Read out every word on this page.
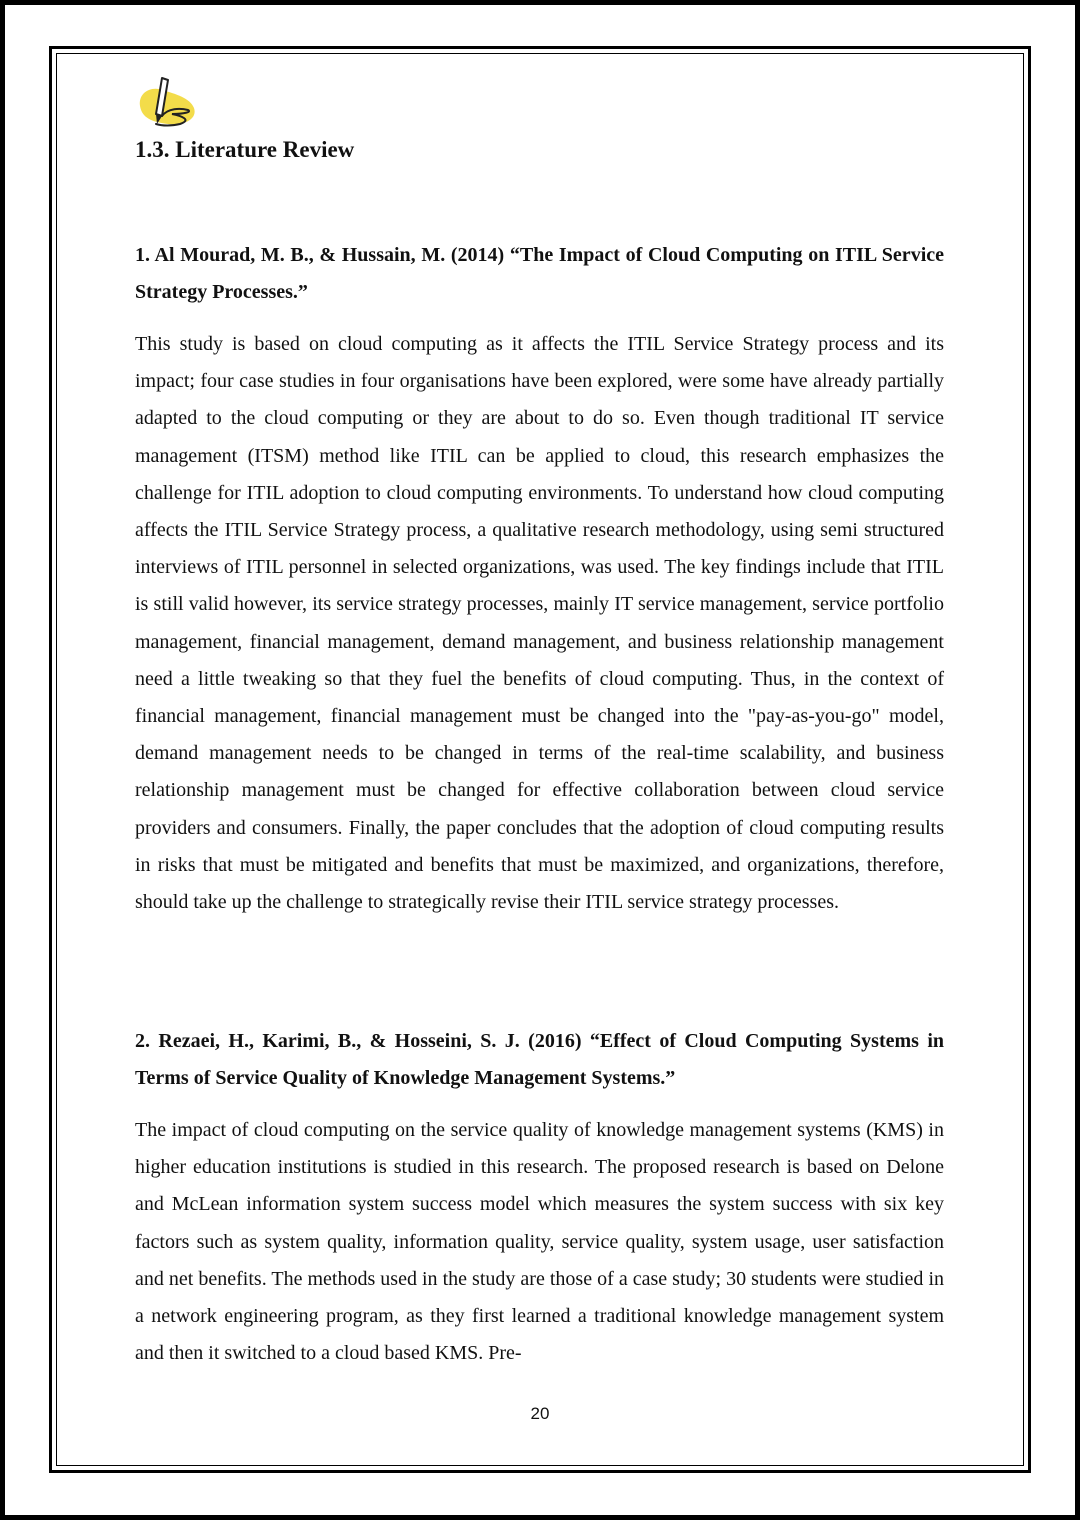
1.3. Literature Review

1. Al Mourad, M. B., & Hussain, M. (2014) “The Impact of Cloud Computing on ITIL Service Strategy Processes.”

This study is based on cloud computing as it affects the ITIL Service Strategy process and its impact; four case studies in four organisations have been explored, were some have already partially adapted to the cloud computing or they are about to do so. Even though traditional IT service management (ITSM) method like ITIL can be applied to cloud, this research emphasizes the challenge for ITIL adoption to cloud computing environments. To understand how cloud computing affects the ITIL Service Strategy process, a qualitative research methodology, using semi structured interviews of ITIL personnel in selected organizations, was used. The key findings include that ITIL is still valid however, its service strategy processes, mainly IT service management, service portfolio management, financial management, demand management, and business relationship management need a little tweaking so that they fuel the benefits of cloud computing. Thus, in the context of financial management, financial management must be changed into the "pay-as-you-go" model, demand management needs to be changed in terms of the real-time scalability, and business relationship management must be changed for effective collaboration between cloud service providers and consumers. Finally, the paper concludes that the adoption of cloud computing results in risks that must be mitigated and benefits that must be maximized, and organizations, therefore, should take up the challenge to strategically revise their ITIL service strategy processes.

2. Rezaei, H., Karimi, B., & Hosseini, S. J. (2016) “Effect of Cloud Computing Systems in Terms of Service Quality of Knowledge Management Systems.”

The impact of cloud computing on the service quality of knowledge management systems (KMS) in higher education institutions is studied in this research. The proposed research is based on Delone and McLean information system success model which measures the system success with six key factors such as system quality, information quality, service quality, system usage, user satisfaction and net benefits. The methods used in the study are those of a case study; 30 students were studied in a network engineering program, as they first learned a traditional knowledge management system and then it switched to a cloud based KMS. Pre-

20
